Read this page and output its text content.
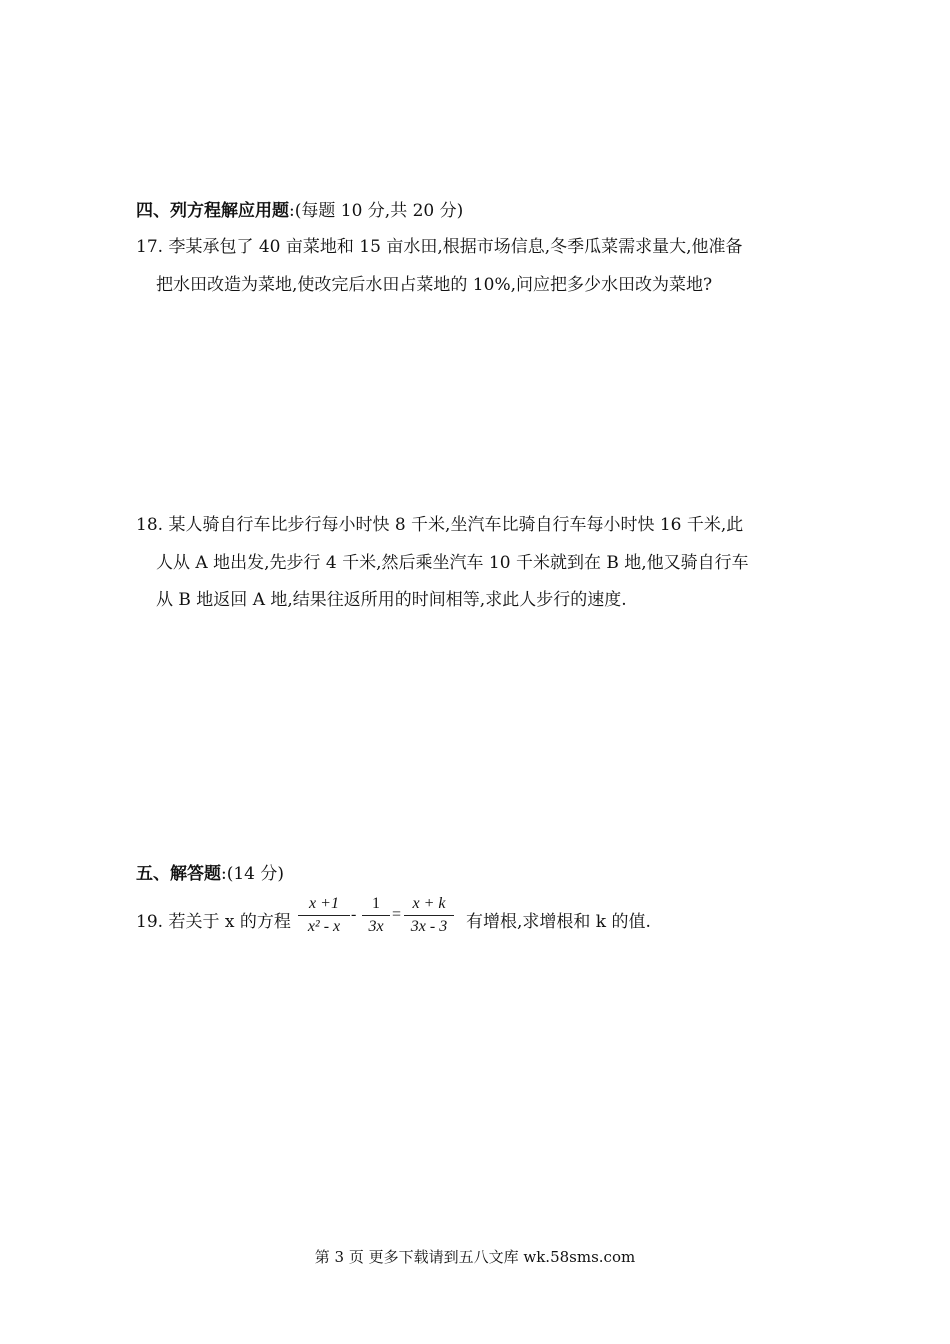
四、列方程解应用题:(每题 10 分,共 20 分)
17. 李某承包了 40 亩菜地和 15 亩水田,根据市场信息,冬季瓜菜需求量大,他准备
把水田改造为菜地,使改完后水田占菜地的 10%,问应把多少水田改为菜地?
18. 某人骑自行车比步行每小时快 8 千米,坐汽车比骑自行车每小时快 16 千米,此
人从 A 地出发,先步行 4 千米,然后乘坐汽车 10 千米就到在 B 地,他又骑自行车
从 B 地返回 A 地,结果往返所用的时间相等,求此人步行的速度.
五、解答题:(14 分)
19. 若关于 x 的方程
x +1
x² - x
-
1
3x
=
x + k
3x - 3	有增根,求增根和 k 的值.
第 3 页 更多下载请到五八文库 wk.58sms.com
